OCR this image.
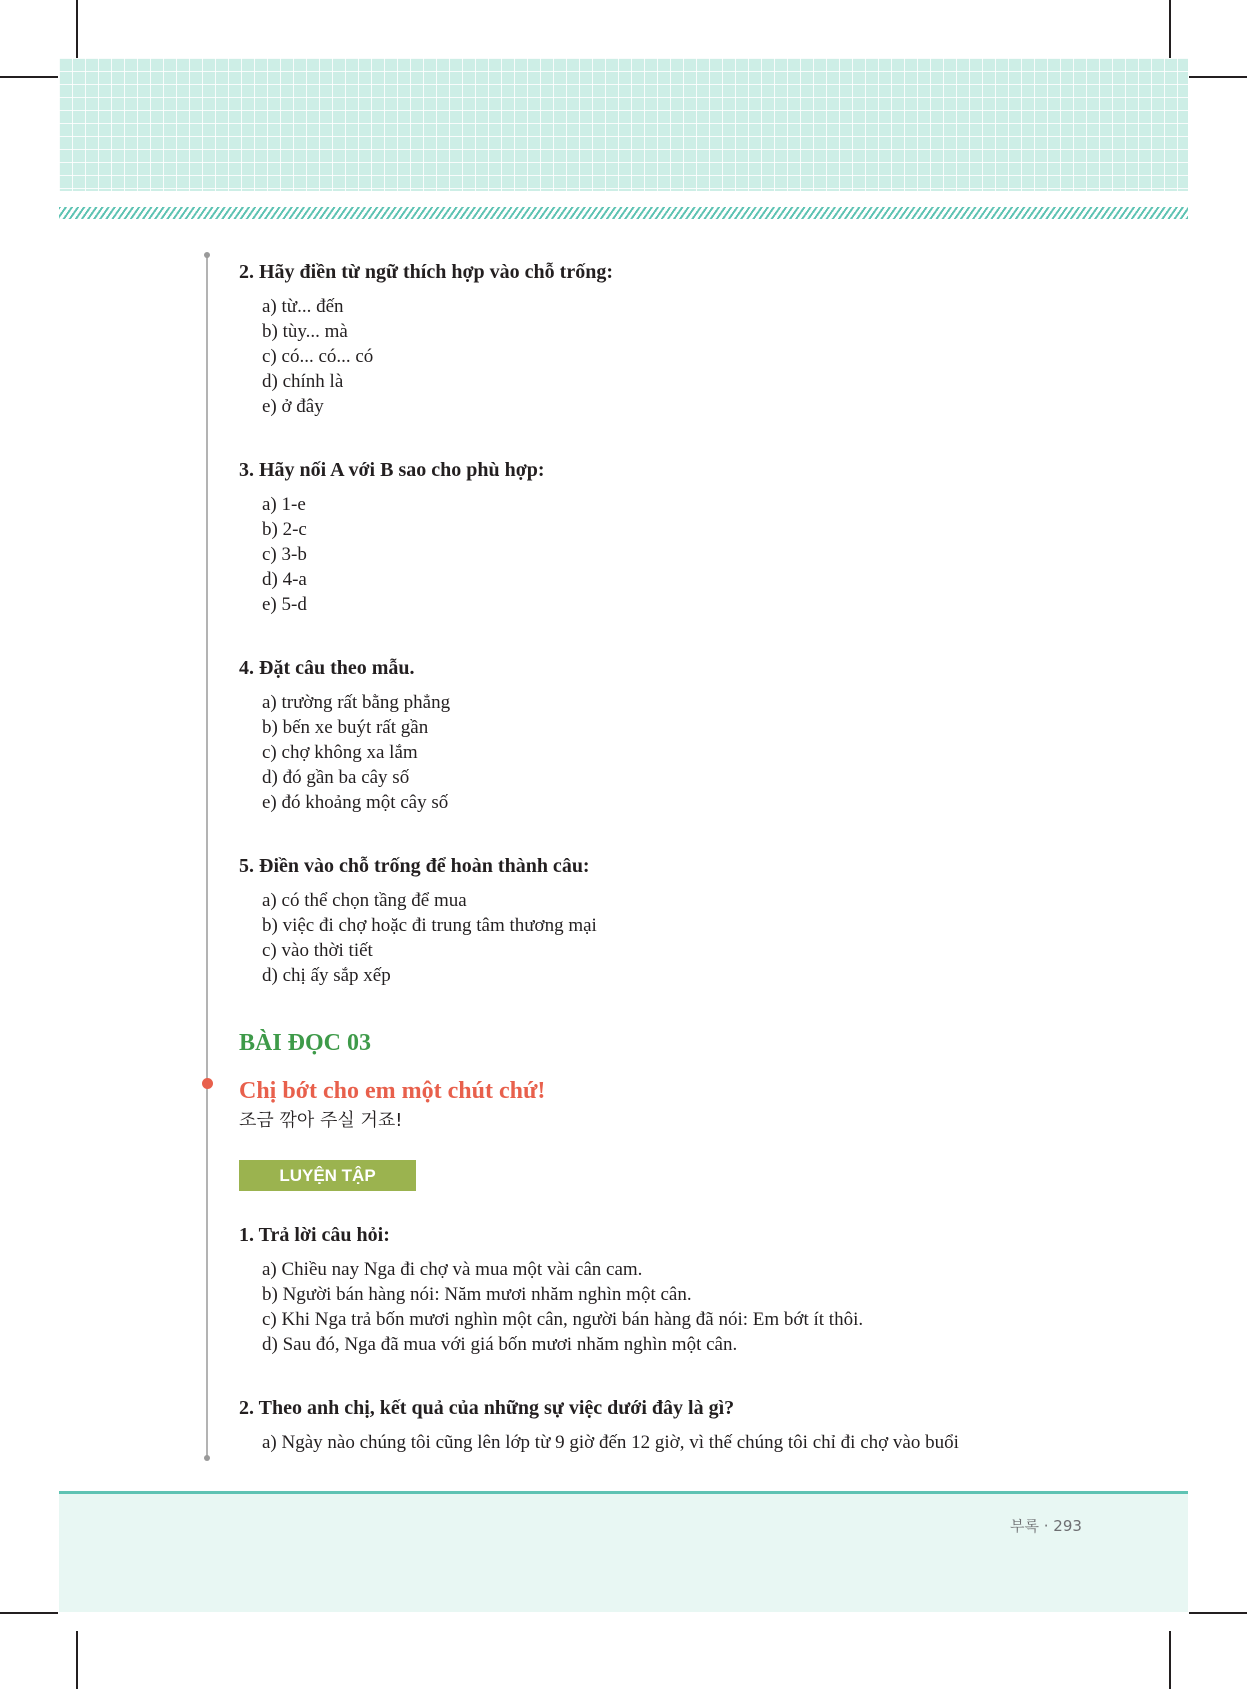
2. Hãy điền từ ngữ thích hợp vào chỗ trống:

a) từ... đến
b) tùy... mà
c) có... có... có
d) chính là
e) ở đây

3. Hãy nối A với B sao cho phù hợp:

a) 1-e
b) 2-c
c) 3-b
d) 4-a
e) 5-d

4. Đặt câu theo mẫu.

a) trường rất bằng phẳng
b) bến xe buýt rất gần
c) chợ không xa lắm
d) đó gần ba cây số
e) đó khoảng một cây số

5. Điền vào chỗ trống để hoàn thành câu:

a) có thể chọn tầng để mua
b) việc đi chợ hoặc đi trung tâm thương mại
c) vào thời tiết
d) chị ấy sắp xếp

BÀI ĐỌC 03

Chị bớt cho em một chút chứ!

조금 깎아 주실 거죠!

LUYỆN TẬP

1. Trả lời câu hỏi:

a) Chiều nay Nga đi chợ và mua một vài cân cam.
b) Người bán hàng nói: Năm mươi nhăm nghìn một cân.
c) Khi Nga trả bốn mươi nghìn một cân, người bán hàng đã nói: Em bớt ít thôi.
d) Sau đó, Nga đã mua với giá bốn mươi nhăm nghìn một cân.

2. Theo anh chị, kết quả của những sự việc dưới đây là gì?

a) Ngày nào chúng tôi cũng lên lớp từ 9 giờ đến 12 giờ, vì thế chúng tôi chỉ đi chợ vào buổi
부록 · 293
